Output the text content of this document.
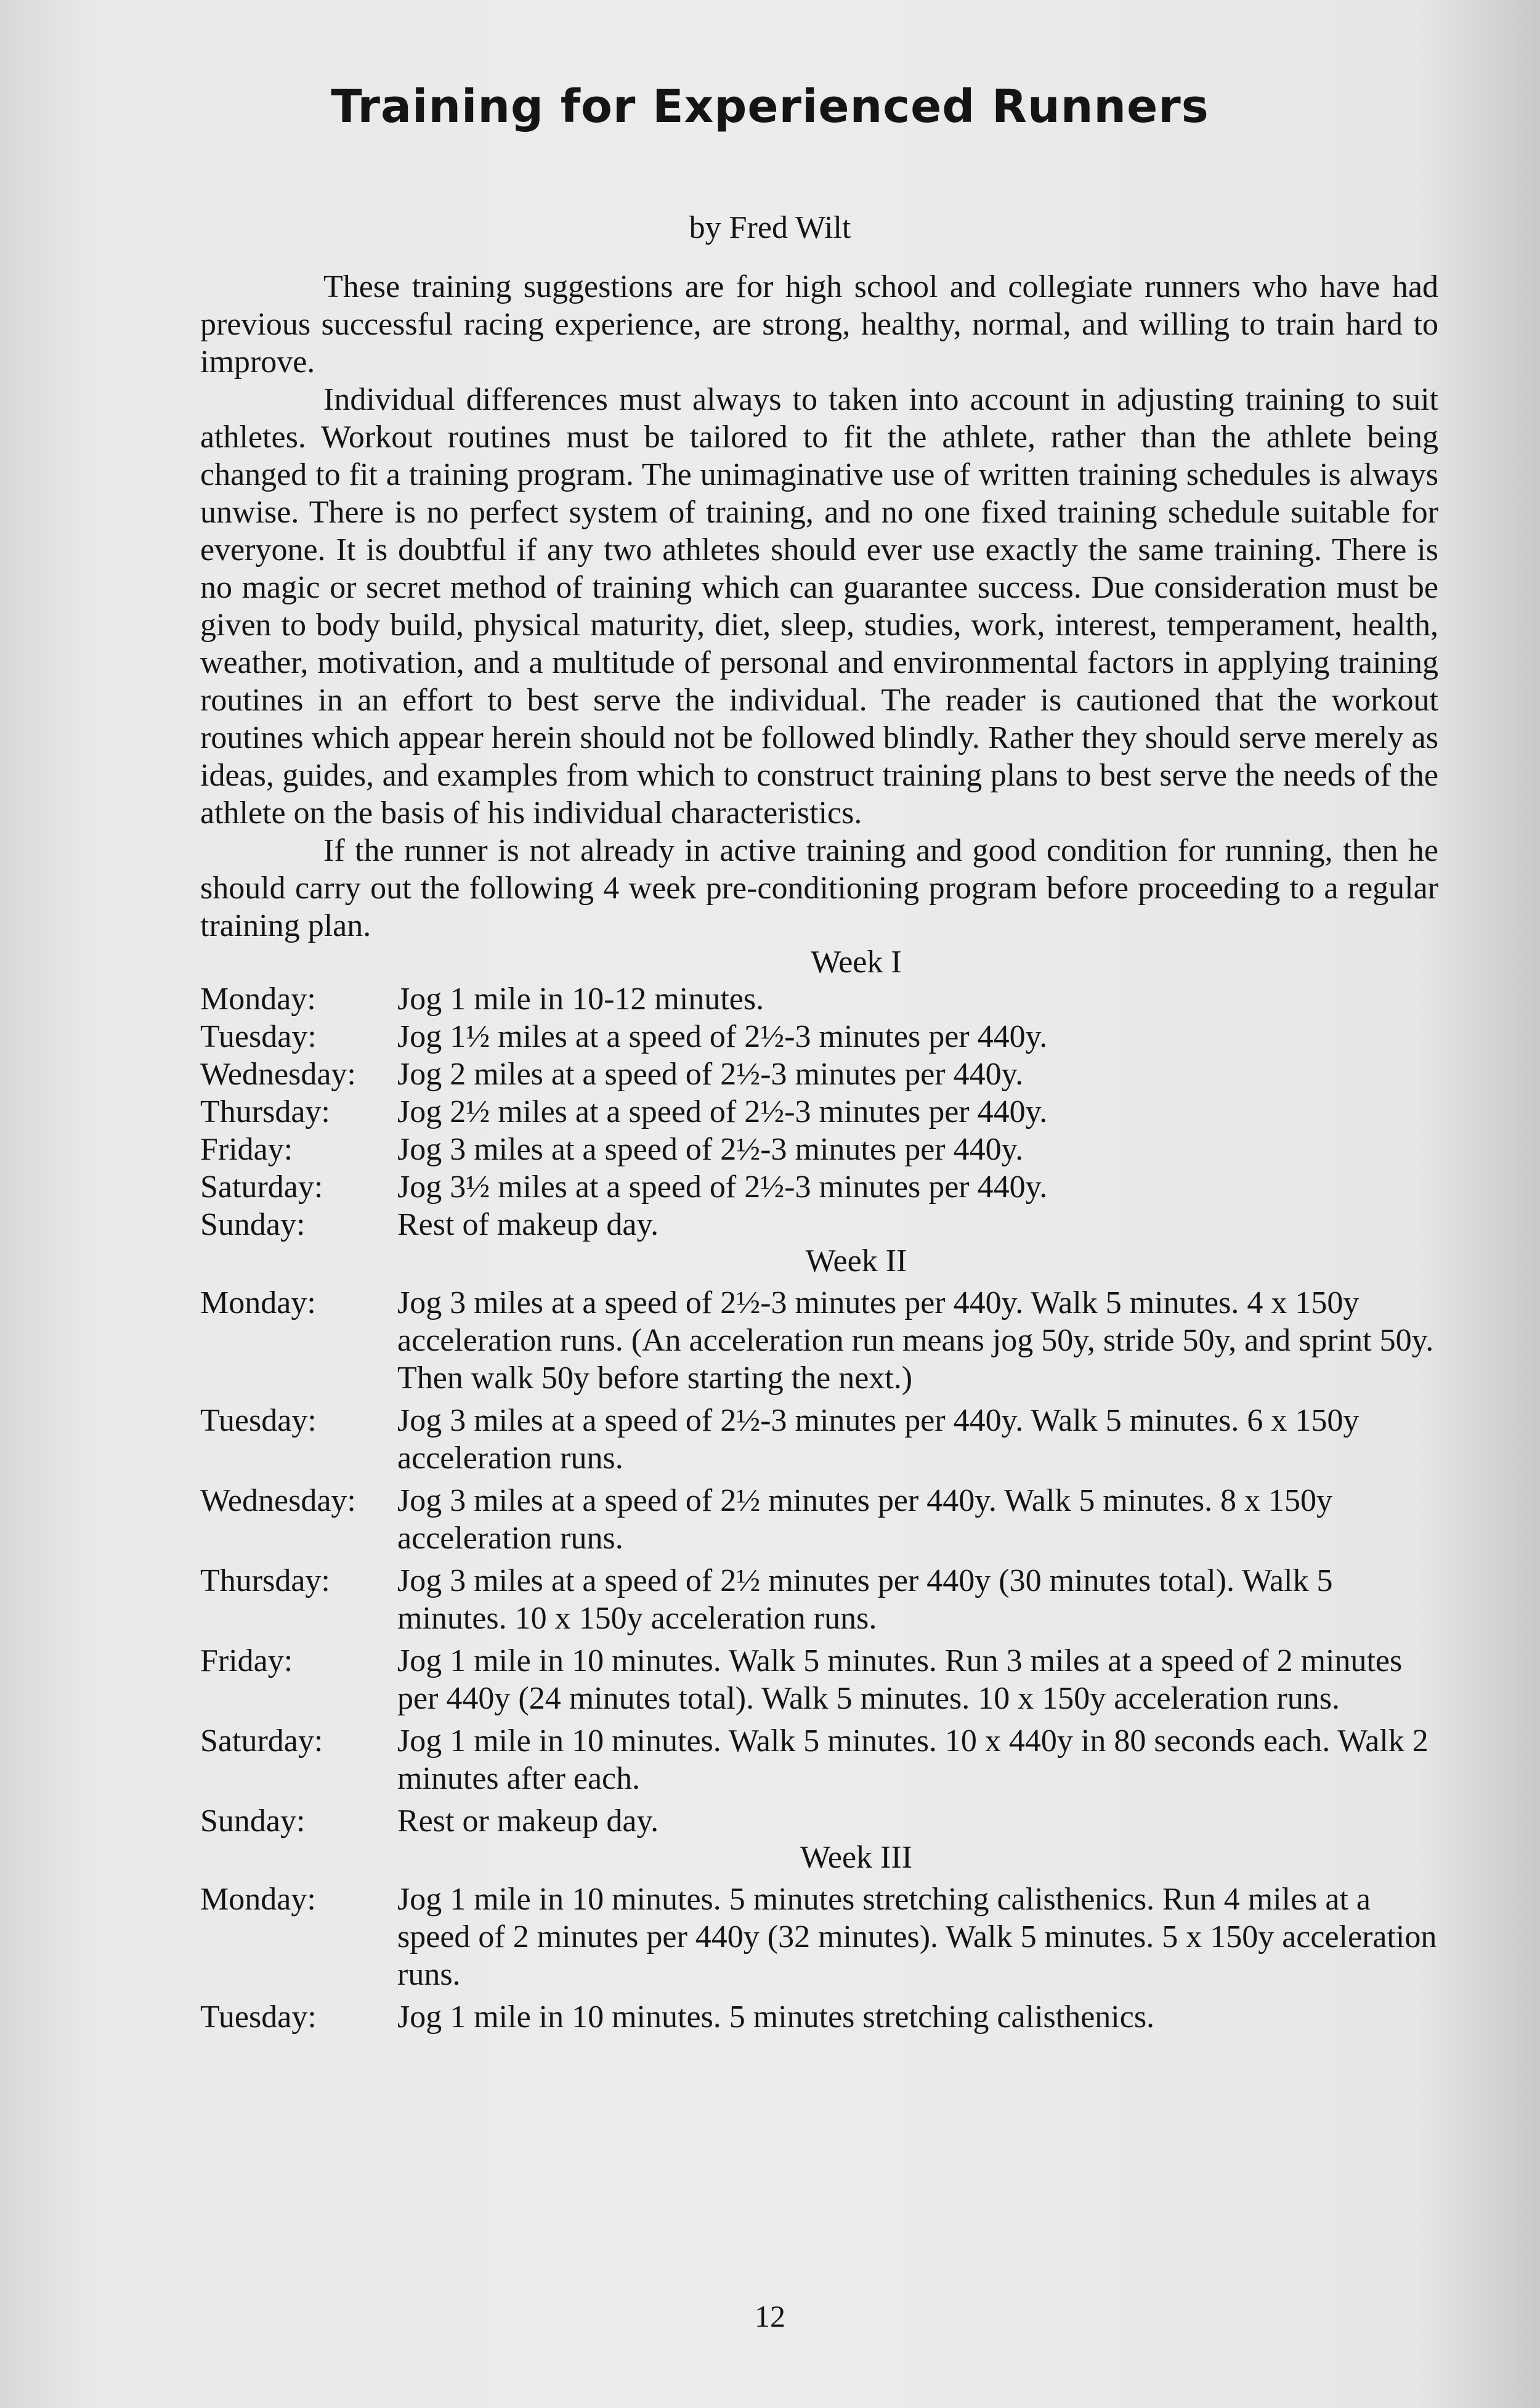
Training for Experienced Runners
by Fred Wilt

These training suggestions are for high school and collegiate runners who have had previous successful racing experience, are strong, healthy, normal, and willing to train hard to improve.

Individual differences must always to taken into account in adjusting training to suit athletes. Workout routines must be tailored to fit the athlete, rather than the athlete being changed to fit a training program. The unimaginative use of written training schedules is always unwise. There is no perfect system of training, and no one fixed training schedule suitable for everyone. It is doubtful if any two athletes should ever use exactly the same training. There is no magic or secret method of training which can guarantee success. Due consideration must be given to body build, physical maturity, diet, sleep, studies, work, interest, temperament, health, weather, motivation, and a multitude of personal and environmental factors in applying training routines in an effort to best serve the individual. The reader is cautioned that the workout routines which appear herein should not be followed blindly. Rather they should serve merely as ideas, guides, and examples from which to construct training plans to best serve the needs of the athlete on the basis of his individual characteristics.

If the runner is not already in active training and good condition for running, then he should carry out the following 4 week pre-conditioning program before proceeding to a regular training plan.

Week I
Monday:	Jog 1 mile in 10-12 minutes.
Tuesday:	Jog 1½ miles at a speed of 2½-3 minutes per 440y.
Wednesday:	Jog 2 miles at a speed of 2½-3 minutes per 440y.
Thursday:	Jog 2½ miles at a speed of 2½-3 minutes per 440y.
Friday:	Jog 3 miles at a speed of 2½-3 minutes per 440y.
Saturday:	Jog 3½ miles at a speed of 2½-3 minutes per 440y.
Sunday:	Rest of makeup day.
Week II
Monday:	Jog 3 miles at a speed of 2½-3 minutes per 440y. Walk 5 minutes. 4 x 150y acceleration runs. (An acceleration run means jog 50y, stride 50y, and sprint 50y. Then walk 50y before starting the next.)
Tuesday:	Jog 3 miles at a speed of 2½-3 minutes per 440y. Walk 5 minutes. 6 x 150y acceleration runs.
Wednesday:	Jog 3 miles at a speed of 2½ minutes per 440y. Walk 5 minutes. 8 x 150y acceleration runs.
Thursday:	Jog 3 miles at a speed of 2½ minutes per 440y (30 minutes total). Walk 5 minutes. 10 x 150y acceleration runs.
Friday:	Jog 1 mile in 10 minutes. Walk 5 minutes. Run 3 miles at a speed of 2 minutes per 440y (24 minutes total). Walk 5 minutes. 10 x 150y acceleration runs.
Saturday:	Jog 1 mile in 10 minutes. Walk 5 minutes. 10 x 440y in 80 seconds each. Walk 2 minutes after each.
Sunday:	Rest or makeup day.
Week III
Monday:	Jog 1 mile in 10 minutes. 5 minutes stretching calisthenics. Run 4 miles at a speed of 2 minutes per 440y (32 minutes). Walk 5 minutes. 5 x 150y acceleration runs.
Tuesday:	Jog 1 mile in 10 minutes. 5 minutes stretching calisthenics.
12
